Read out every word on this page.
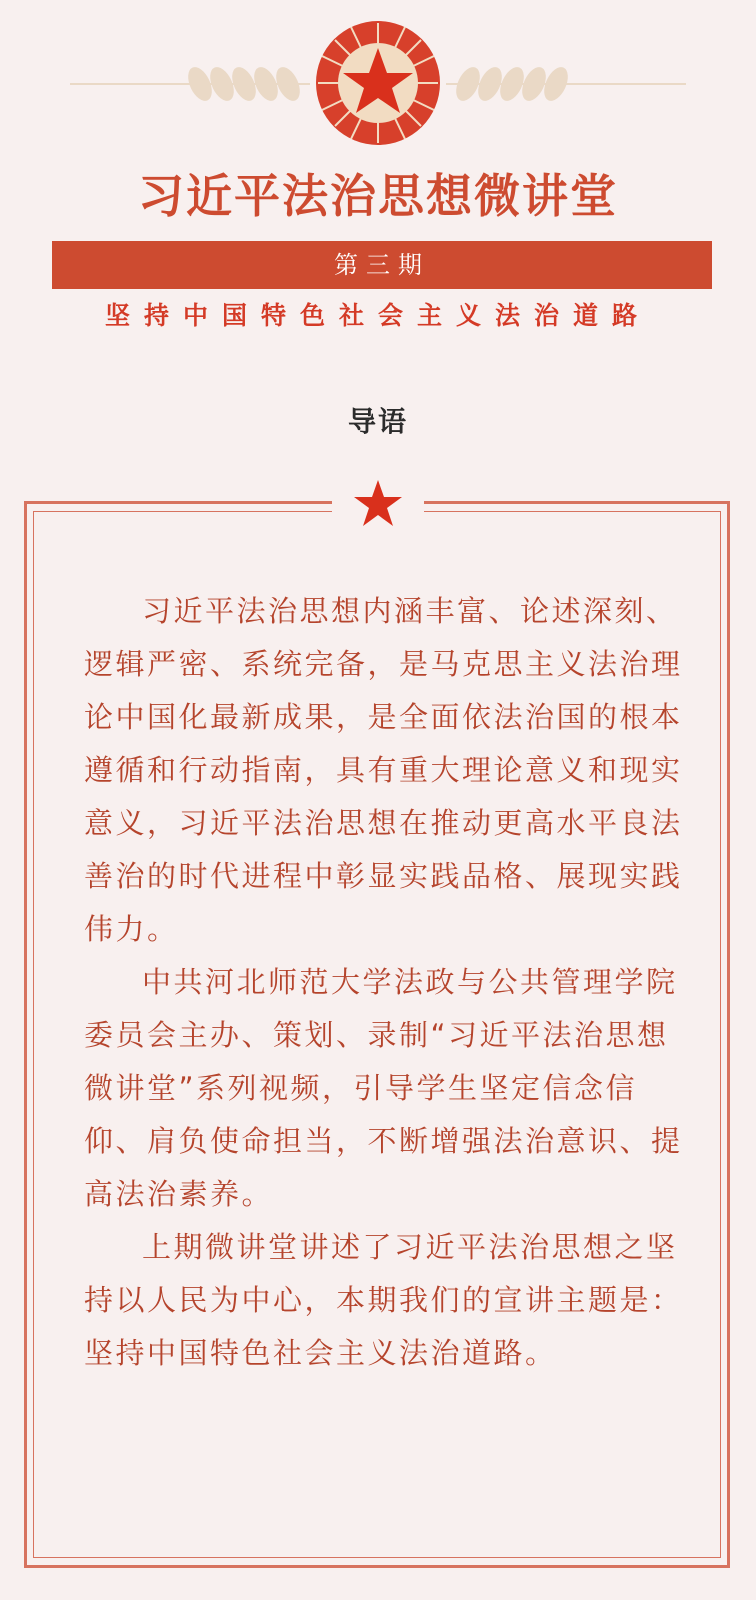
习近平法治思想微讲堂
第三期
坚持中国特色社会主义法治道路
导语

习近平法治思想内涵丰富、论述深刻、逻辑严密、系统完备，是马克思主义法治理论中国化最新成果，是全面依法治国的根本遵循和行动指南，具有重大理论意义和现实意义，习近平法治思想在推动更高水平良法善治的时代进程中彰显实践品格、展现实践伟力。

中共河北师范大学法政与公共管理学院委员会主办、策划、录制“习近平法治思想微讲堂”系列视频，引导学生坚定信念信仰、肩负使命担当，不断增强法治意识、提高法治素养。

上期微讲堂讲述了习近平法治思想之坚持以人民为中心，本期我们的宣讲主题是：坚持中国特色社会主义法治道路。
